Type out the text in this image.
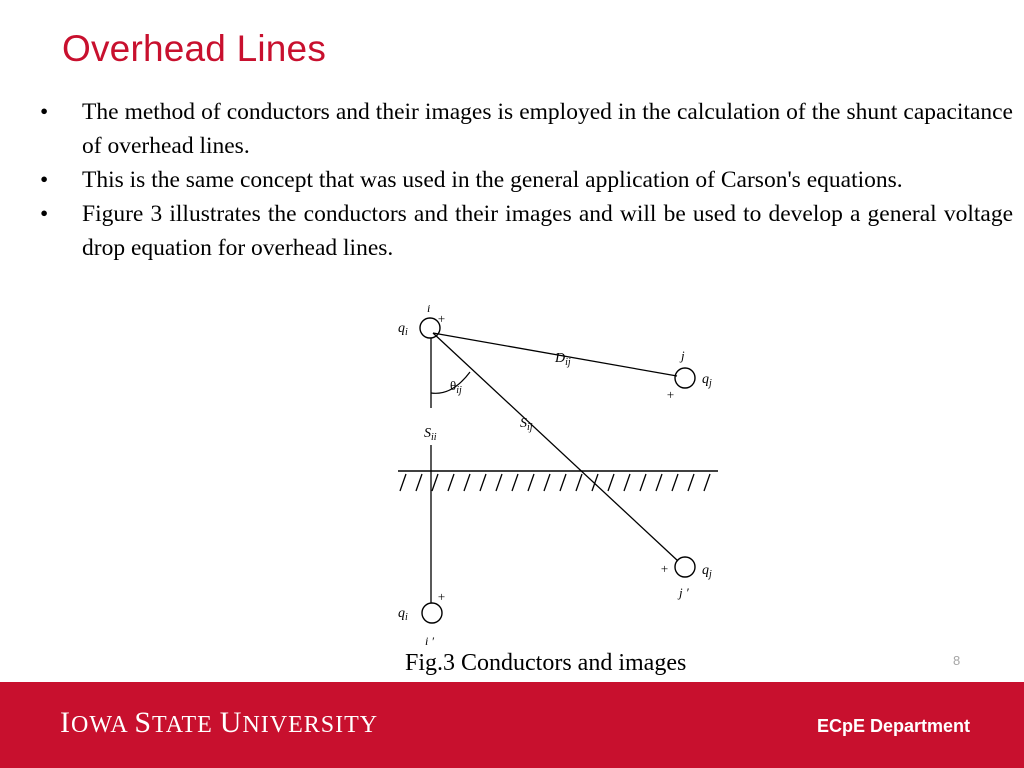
Overhead Lines
• The method of conductors and their images is employed in the calculation of the shunt capacitance of overhead lines.
• This is the same concept that was used in the general application of Carson's equations.
• Figure 3 illustrates the conductors and their images and will be used to develop a general voltage drop equation for overhead lines.
i
+
$q_i$
$D_{ij}$	j
$q_j$
+
$\theta_{ij}$
$S_{ij}$
$S_{ii}$
+ $q_j$
j ′
+
$q_i$
i ′
Fig.3 Conductors and images	8
IOWA STATE UNIVERSITY	ECpE Department
